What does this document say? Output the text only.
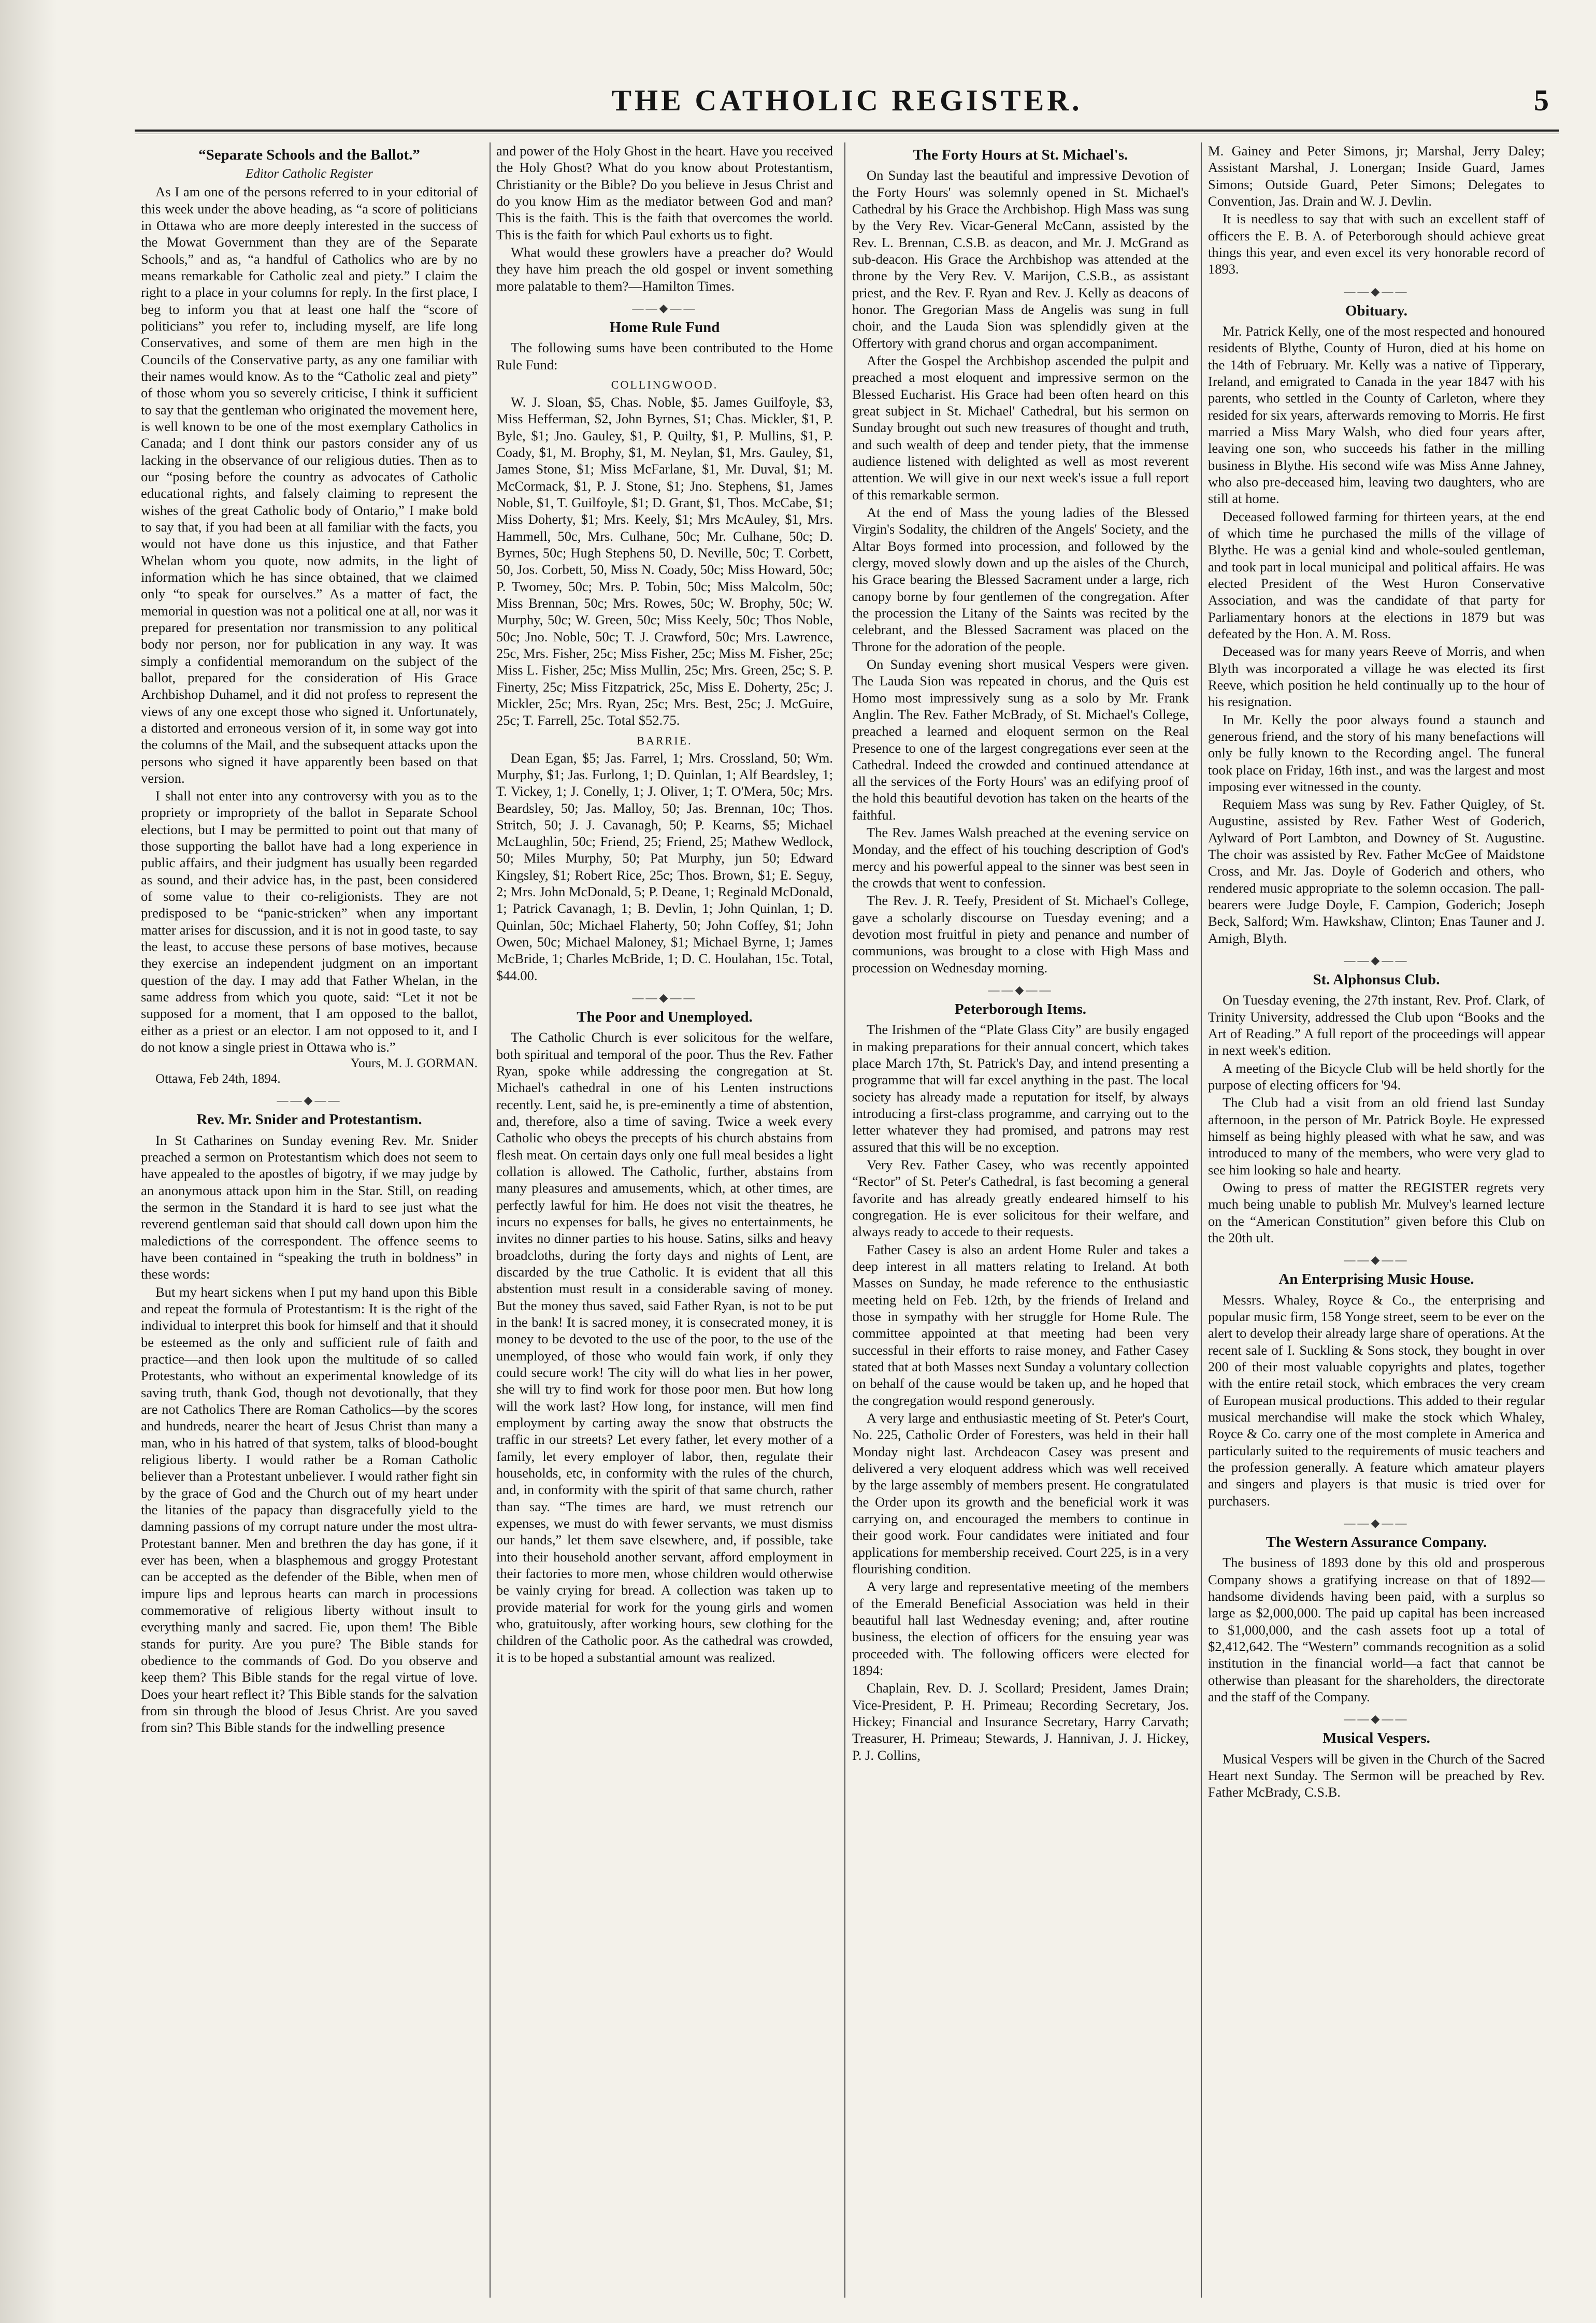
THE CATHOLIC REGISTER.	5
“Separate Schools and the Ballot.”
Editor Catholic Register

As I am one of the persons referred to in your editorial of this week under the above heading, as “a score of politicians in Ottawa who are more deeply interested in the success of the Mowat Government than they are of the Separate Schools,” and as, “a handful of Catholics who are by no means remarkable for Catholic zeal and piety.” I claim the right to a place in your columns for reply. In the first place, I beg to inform you that at least one half the “score of politicians” you refer to, including myself, are life long Conservatives, and some of them are men high in the Councils of the Conservative party, as any one familiar with their names would know. As to the “Catholic zeal and piety” of those whom you so severely criticise, I think it sufficient to say that the gentleman who originated the movement here, is well known to be one of the most exemplary Catholics in Canada; and I dont think our pastors consider any of us lacking in the observance of our religious duties. Then as to our “posing before the country as advocates of Catholic educational rights, and falsely claiming to represent the wishes of the great Catholic body of Ontario,” I make bold to say that, if you had been at all familiar with the facts, you would not have done us this injustice, and that Father Whelan whom you quote, now admits, in the light of information which he has since obtained, that we claimed only “to speak for ourselves.” As a matter of fact, the memorial in question was not a political one at all, nor was it prepared for presentation nor transmission to any political body nor person, nor for publication in any way. It was simply a confidential memorandum on the subject of the ballot, prepared for the consideration of His Grace Archbishop Duhamel, and it did not profess to represent the views of any one except those who signed it. Unfortunately, a distorted and erroneous version of it, in some way got into the columns of the Mail, and the subsequent attacks upon the persons who signed it have apparently been based on that version.

I shall not enter into any controversy with you as to the propriety or impropriety of the ballot in Separate School elections, but I may be permitted to point out that many of those supporting the ballot have had a long experience in public affairs, and their judgment has usually been regarded as sound, and their advice has, in the past, been considered of some value to their co-religionists. They are not predisposed to be “panic-stricken” when any important matter arises for discussion, and it is not in good taste, to say the least, to accuse these persons of base motives, because they exercise an independent judgment on an important question of the day. I may add that Father Whelan, in the same address from which you quote, said: “Let it not be supposed for a moment, that I am opposed to the ballot, either as a priest or an elector. I am not opposed to it, and I do not know a single priest in Ottawa who is.”

Yours, M. J. GORMAN.
Ottawa, Feb 24th, 1894.
——◆——
Rev. Mr. Snider and Protestantism.

In St Catharines on Sunday evening Rev. Mr. Snider preached a sermon on Protestantism which does not seem to have appealed to the apostles of bigotry, if we may judge by an anonymous attack upon him in the Star. Still, on reading the sermon in the Standard it is hard to see just what the reverend gentleman said that should call down upon him the maledictions of the correspondent. The offence seems to have been contained in “speaking the truth in boldness” in these words:

But my heart sickens when I put my hand upon this Bible and repeat the formula of Protestantism: It is the right of the individual to interpret this book for himself and that it should be esteemed as the only and sufficient rule of faith and practice—and then look upon the multitude of so called Protestants, who without an experimental knowledge of its saving truth, thank God, though not devotionally, that they are not Catholics There are Roman Catholics—by the scores and hundreds, nearer the heart of Jesus Christ than many a man, who in his hatred of that system, talks of blood-bought religious liberty. I would rather be a Roman Catholic believer than a Protestant unbeliever. I would rather fight sin by the grace of God and the Church out of my heart under the litanies of the papacy than disgracefully yield to the damning passions of my corrupt nature under the most ultra-Protestant banner. Men and brethren the day has gone, if it ever has been, when a blasphemous and groggy Protestant can be accepted as the defender of the Bible, when men of impure lips and leprous hearts can march in processions commemorative of religious liberty without insult to everything manly and sacred. Fie, upon them! The Bible stands for purity. Are you pure? The Bible stands for obedience to the commands of God. Do you observe and keep them? This Bible stands for the regal virtue of love. Does your heart reflect it? This Bible stands for the salvation from sin through the blood of Jesus Christ. Are you saved from sin? This Bible stands for the indwelling presence

and power of the Holy Ghost in the heart. Have you received the Holy Ghost? What do you know about Protestantism, Christianity or the Bible? Do you believe in Jesus Christ and do you know Him as the mediator between God and man? This is the faith. This is the faith that overcomes the world. This is the faith for which Paul exhorts us to fight.

What would these growlers have a preacher do? Would they have him preach the old gospel or invent something more palatable to them?—Hamilton Times.

——◆——
Home Rule Fund

The following sums have been contributed to the Home Rule Fund:

COLLINGWOOD.

W. J. Sloan, $5, Chas. Noble, $5. James Guilfoyle, $3, Miss Hefferman, $2, John Byrnes, $1; Chas. Mickler, $1, P. Byle, $1; Jno. Gauley, $1, P. Quilty, $1, P. Mullins, $1, P. Coady, $1, M. Brophy, $1, M. Neylan, $1, Mrs. Gauley, $1, James Stone, $1; Miss McFarlane, $1, Mr. Duval, $1; M. McCormack, $1, P. J. Stone, $1; Jno. Stephens, $1, James Noble, $1, T. Guilfoyle, $1; D. Grant, $1, Thos. McCabe, $1; Miss Doherty, $1; Mrs. Keely, $1; Mrs McAuley, $1, Mrs. Hammell, 50c, Mrs. Culhane, 50c; Mr. Culhane, 50c; D. Byrnes, 50c; Hugh Stephens 50, D. Neville, 50c; T. Corbett, 50, Jos. Corbett, 50, Miss N. Coady, 50c; Miss Howard, 50c; P. Twomey, 50c; Mrs. P. Tobin, 50c; Miss Malcolm, 50c; Miss Brennan, 50c; Mrs. Rowes, 50c; W. Brophy, 50c; W. Murphy, 50c; W. Green, 50c; Miss Keely, 50c; Thos Noble, 50c; Jno. Noble, 50c; T. J. Crawford, 50c; Mrs. Lawrence, 25c, Mrs. Fisher, 25c; Miss Fisher, 25c; Miss M. Fisher, 25c; Miss L. Fisher, 25c; Miss Mullin, 25c; Mrs. Green, 25c; S. P. Finerty, 25c; Miss Fitzpatrick, 25c, Miss E. Doherty, 25c; J. Mickler, 25c; Mrs. Ryan, 25c; Mrs. Best, 25c; J. McGuire, 25c; T. Farrell, 25c. Total $52.75.

BARRIE.

Dean Egan, $5; Jas. Farrel, 1; Mrs. Crossland, 50; Wm. Murphy, $1; Jas. Furlong, 1; D. Quinlan, 1; Alf Beardsley, 1; T. Vickey, 1; J. Conelly, 1; J. Oliver, 1; T. O'Mera, 50c; Mrs. Beardsley, 50; Jas. Malloy, 50; Jas. Brennan, 10c; Thos. Stritch, 50; J. J. Cavanagh, 50; P. Kearns, $5; Michael McLaughlin, 50c; Friend, 25; Friend, 25; Mathew Wedlock, 50; Miles Murphy, 50; Pat Murphy, jun 50; Edward Kingsley, $1; Robert Rice, 25c; Thos. Brown, $1; E. Seguy, 2; Mrs. John McDonald, 5; P. Deane, 1; Reginald McDonald, 1; Patrick Cavanagh, 1; B. Devlin, 1; John Quinlan, 1; D. Quinlan, 50c; Michael Flaherty, 50; John Coffey, $1; John Owen, 50c; Michael Maloney, $1; Michael Byrne, 1; James McBride, 1; Charles McBride, 1; D. C. Houlahan, 15c. Total, $44.00.

——◆——
The Poor and Unemployed.

The Catholic Church is ever solicitous for the welfare, both spiritual and temporal of the poor. Thus the Rev. Father Ryan, spoke while addressing the congregation at St. Michael's cathedral in one of his Lenten instructions recently. Lent, said he, is pre-eminently a time of abstention, and, therefore, also a time of saving. Twice a week every Catholic who obeys the precepts of his church abstains from flesh meat. On certain days only one full meal besides a light collation is allowed. The Catholic, further, abstains from many pleasures and amusements, which, at other times, are perfectly lawful for him. He does not visit the theatres, he incurs no expenses for balls, he gives no entertainments, he invites no dinner parties to his house. Satins, silks and heavy broadcloths, during the forty days and nights of Lent, are discarded by the true Catholic. It is evident that all this abstention must result in a considerable saving of money. But the money thus saved, said Father Ryan, is not to be put in the bank! It is sacred money, it is consecrated money, it is money to be devoted to the use of the poor, to the use of the unemployed, of those who would fain work, if only they could secure work! The city will do what lies in her power, she will try to find work for those poor men. But how long will the work last? How long, for instance, will men find employment by carting away the snow that obstructs the traffic in our streets? Let every father, let every mother of a family, let every employer of labor, then, regulate their households, etc, in conformity with the rules of the church, and, in conformity with the spirit of that same church, rather than say. “The times are hard, we must retrench our expenses, we must do with fewer servants, we must dismiss our hands,” let them save elsewhere, and, if possible, take into their household another servant, afford employment in their factories to more men, whose children would otherwise be vainly crying for bread. A collection was taken up to provide material for work for the young girls and women who, gratuitously, after working hours, sew clothing for the children of the Catholic poor. As the cathedral was crowded, it is to be hoped a substantial amount was realized.

The Forty Hours at St. Michael's.

On Sunday last the beautiful and impressive Devotion of the Forty Hours' was solemnly opened in St. Michael's Cathedral by his Grace the Archbishop. High Mass was sung by the Very Rev. Vicar-General McCann, assisted by the Rev. L. Brennan, C.S.B. as deacon, and Mr. J. McGrand as sub-deacon. His Grace the Archbishop was attended at the throne by the Very Rev. V. Marijon, C.S.B., as assistant priest, and the Rev. F. Ryan and Rev. J. Kelly as deacons of honor. The Gregorian Mass de Angelis was sung in full choir, and the Lauda Sion was splendidly given at the Offertory with grand chorus and organ accompaniment.

After the Gospel the Archbishop ascended the pulpit and preached a most eloquent and impressive sermon on the Blessed Eucharist. His Grace had been often heard on this great subject in St. Michael' Cathedral, but his sermon on Sunday brought out such new treasures of thought and truth, and such wealth of deep and tender piety, that the immense audience listened with delighted as well as most reverent attention. We will give in our next week's issue a full report of this remarkable sermon.

At the end of Mass the young ladies of the Blessed Virgin's Sodality, the children of the Angels' Society, and the Altar Boys formed into procession, and followed by the clergy, moved slowly down and up the aisles of the Church, his Grace bearing the Blessed Sacrament under a large, rich canopy borne by four gentlemen of the congregation. After the procession the Litany of the Saints was recited by the celebrant, and the Blessed Sacrament was placed on the Throne for the adoration of the people.

On Sunday evening short musical Vespers were given. The Lauda Sion was repeated in chorus, and the Quis est Homo most impressively sung as a solo by Mr. Frank Anglin. The Rev. Father McBrady, of St. Michael's College, preached a learned and eloquent sermon on the Real Presence to one of the largest congregations ever seen at the Cathedral. Indeed the crowded and continued attendance at all the services of the Forty Hours' was an edifying proof of the hold this beautiful devotion has taken on the hearts of the faithful.

The Rev. James Walsh preached at the evening service on Monday, and the effect of his touching description of God's mercy and his powerful appeal to the sinner was best seen in the crowds that went to confession.

The Rev. J. R. Teefy, President of St. Michael's College, gave a scholarly discourse on Tuesday evening; and a devotion most fruitful in piety and penance and number of communions, was brought to a close with High Mass and procession on Wednesday morning.

——◆——
Peterborough Items.

The Irishmen of the “Plate Glass City” are busily engaged in making preparations for their annual concert, which takes place March 17th, St. Patrick's Day, and intend presenting a programme that will far excel anything in the past. The local society has already made a reputation for itself, by always introducing a first-class programme, and carrying out to the letter whatever they had promised, and patrons may rest assured that this will be no exception.

Very Rev. Father Casey, who was recently appointed “Rector” of St. Peter's Cathedral, is fast becoming a general favorite and has already greatly endeared himself to his congregation. He is ever solicitous for their welfare, and always ready to accede to their requests.

Father Casey is also an ardent Home Ruler and takes a deep interest in all matters relating to Ireland. At both Masses on Sunday, he made reference to the enthusiastic meeting held on Feb. 12th, by the friends of Ireland and those in sympathy with her struggle for Home Rule. The committee appointed at that meeting had been very successful in their efforts to raise money, and Father Casey stated that at both Masses next Sunday a voluntary collection on behalf of the cause would be taken up, and he hoped that the congregation would respond generously.

A very large and enthusiastic meeting of St. Peter's Court, No. 225, Catholic Order of Foresters, was held in their hall Monday night last. Archdeacon Casey was present and delivered a very eloquent address which was well received by the large assembly of members present. He congratulated the Order upon its growth and the beneficial work it was carrying on, and encouraged the members to continue in their good work. Four candidates were initiated and four applications for membership received. Court 225, is in a very flourishing condition.

A very large and representative meeting of the members of the Emerald Beneficial Association was held in their beautiful hall last Wednesday evening; and, after routine business, the election of officers for the ensuing year was proceeded with. The following officers were elected for 1894:

Chaplain, Rev. D. J. Scollard; President, James Drain; Vice-President, P. H. Primeau; Recording Secretary, Jos. Hickey; Financial and Insurance Secretary, Harry Carvath; Treasurer, H. Primeau; Stewards, J. Hannivan, J. J. Hickey, P. J. Collins,

M. Gainey and Peter Simons, jr; Marshal, Jerry Daley; Assistant Marshal, J. Lonergan; Inside Guard, James Simons; Outside Guard, Peter Simons; Delegates to Convention, Jas. Drain and W. J. Devlin.

It is needless to say that with such an excellent staff of officers the E. B. A. of Peterborough should achieve great things this year, and even excel its very honorable record of 1893.

——◆——
Obituary.

Mr. Patrick Kelly, one of the most respected and honoured residents of Blythe, County of Huron, died at his home on the 14th of February. Mr. Kelly was a native of Tipperary, Ireland, and emigrated to Canada in the year 1847 with his parents, who settled in the County of Carleton, where they resided for six years, afterwards removing to Morris. He first married a Miss Mary Walsh, who died four years after, leaving one son, who succeeds his father in the milling business in Blythe. His second wife was Miss Anne Jahney, who also pre-deceased him, leaving two daughters, who are still at home.

Deceased followed farming for thirteen years, at the end of which time he purchased the mills of the village of Blythe. He was a genial kind and whole-souled gentleman, and took part in local municipal and political affairs. He was elected President of the West Huron Conservative Association, and was the candidate of that party for Parliamentary honors at the elections in 1879 but was defeated by the Hon. A. M. Ross.

Deceased was for many years Reeve of Morris, and when Blyth was incorporated a village he was elected its first Reeve, which position he held continually up to the hour of his resignation.

In Mr. Kelly the poor always found a staunch and generous friend, and the story of his many benefactions will only be fully known to the Recording angel. The funeral took place on Friday, 16th inst., and was the largest and most imposing ever witnessed in the county.

Requiem Mass was sung by Rev. Father Quigley, of St. Augustine, assisted by Rev. Father West of Goderich, Aylward of Port Lambton, and Downey of St. Augustine. The choir was assisted by Rev. Father McGee of Maidstone Cross, and Mr. Jas. Doyle of Goderich and others, who rendered music appropriate to the solemn occasion. The pall-bearers were Judge Doyle, F. Campion, Goderich; Joseph Beck, Salford; Wm. Hawkshaw, Clinton; Enas Tauner and J. Amigh, Blyth.

——◆——
St. Alphonsus Club.

On Tuesday evening, the 27th instant, Rev. Prof. Clark, of Trinity University, addressed the Club upon “Books and the Art of Reading.” A full report of the proceedings will appear in next week's edition.

A meeting of the Bicycle Club will be held shortly for the purpose of electing officers for '94.

The Club had a visit from an old friend last Sunday afternoon, in the person of Mr. Patrick Boyle. He expressed himself as being highly pleased with what he saw, and was introduced to many of the members, who were very glad to see him looking so hale and hearty.

Owing to press of matter the REGISTER regrets very much being unable to publish Mr. Mulvey's learned lecture on the “American Constitution” given before this Club on the 20th ult.

——◆——
An Enterprising Music House.

Messrs. Whaley, Royce & Co., the enterprising and popular music firm, 158 Yonge street, seem to be ever on the alert to develop their already large share of operations. At the recent sale of I. Suckling & Sons stock, they bought in over 200 of their most valuable copyrights and plates, together with the entire retail stock, which embraces the very cream of European musical productions. This added to their regular musical merchandise will make the stock which Whaley, Royce & Co. carry one of the most complete in America and particularly suited to the requirements of music teachers and the profession generally. A feature which amateur players and singers and players is that music is tried over for purchasers.

——◆——
The Western Assurance Company.

The business of 1893 done by this old and prosperous Company shows a gratifying increase on that of 1892—handsome dividends having been paid, with a surplus so large as $2,000,000. The paid up capital has been increased to $1,000,000, and the cash assets foot up a total of $2,412,642. The “Western” commands recognition as a solid institution in the financial world—a fact that cannot be otherwise than pleasant for the shareholders, the directorate and the staff of the Company.

——◆——
Musical Vespers.

Musical Vespers will be given in the Church of the Sacred Heart next Sunday. The Sermon will be preached by Rev. Father McBrady, C.S.B.
